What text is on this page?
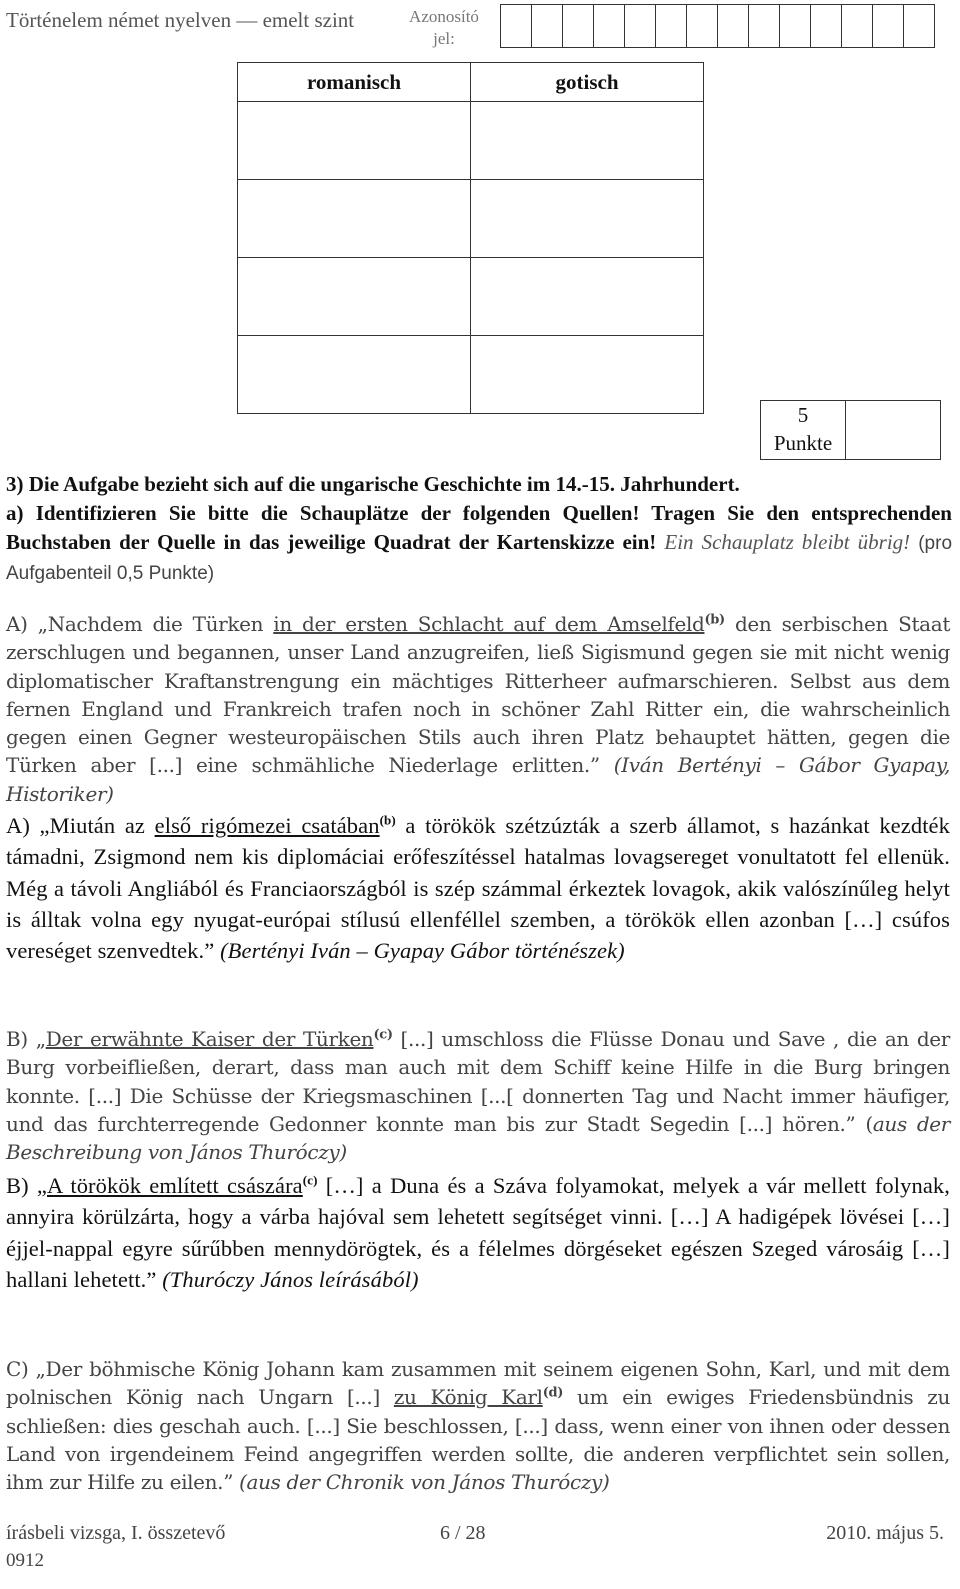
Történelem német nyelven — emelt szint	Azonosító jel:
romanisch	gotisch

5
Punkte
3) Die Aufgabe bezieht sich auf die ungarische Geschichte im 14.-15. Jahrhundert.
a) Identifizieren Sie bitte die Schauplätze der folgenden Quellen! Tragen Sie den entsprechenden Buchstaben der Quelle in das jeweilige Quadrat der Kartenskizze ein! Ein Schauplatz bleibt übrig! (pro Aufgabenteil 0,5 Punkte)
A) „Nachdem die Türken in der ersten Schlacht auf dem Amselfeld$^{(b)}$ den serbischen Staat zerschlugen und begannen, unser Land anzugreifen, ließ Sigismund gegen sie mit nicht wenig diplomatischer Kraftanstrengung ein mächtiges Ritterheer aufmarschieren. Selbst aus dem fernen England und Frankreich trafen noch in schöner Zahl Ritter ein, die wahrscheinlich gegen einen Gegner westeuropäischen Stils auch ihren Platz behauptet hätten, gegen die Türken aber [...] eine schmähliche Niederlage erlitten.” (Iván Bertényi – Gábor Gyapay, Historiker)
A) „Miután az első rigómezei csatában$^{(b)}$ a törökök szétzúzták a szerb államot, s hazánkat kezdték támadni, Zsigmond nem kis diplomáciai erőfeszítéssel hatalmas lovagsereget vonultatott fel ellenük. Még a távoli Angliából és Franciaországból is szép számmal érkeztek lovagok, akik valószínűleg helyt is álltak volna egy nyugat-európai stílusú ellenféllel szemben, a törökök ellen azonban […] csúfos vereséget szenvedtek.” (Bertényi Iván – Gyapay Gábor történészek)
B) „Der erwähnte Kaiser der Türken$^{(c)}$ [...] umschloss die Flüsse Donau und Save , die an der Burg vorbeifließen, derart, dass man auch mit dem Schiff keine Hilfe in die Burg bringen konnte. [...] Die Schüsse der Kriegsmaschinen [...[ donnerten Tag und Nacht immer häufiger, und das furchterregende Gedonner konnte man bis zur Stadt Segedin [...] hören.” (aus der Beschreibung von János Thuróczy)
B) „A törökök említett császára$^{(c)}$ […] a Duna és a Száva folyamokat, melyek a vár mellett folynak, annyira körülzárta, hogy a várba hajóval sem lehetett segítséget vinni. […] A hadigépek lövései […] éjjel-nappal egyre sűrűbben mennydörögtek, és a félelmes dörgéseket egészen Szeged városáig […] hallani lehetett.” (Thuróczy János leírásából)
C) „Der böhmische König Johann kam zusammen mit seinem eigenen Sohn, Karl, und mit dem polnischen König nach Ungarn [...] zu König Karl$^{(d)}$ um ein ewiges Friedensbündnis zu schließen: dies geschah auch. [...] Sie beschlossen, [...] dass, wenn einer von ihnen oder dessen Land von irgendeinem Feind angegriffen werden sollte, die anderen verpflichtet sein sollen, ihm zur Hilfe zu eilen.” (aus der Chronik von János Thuróczy)
írásbeli vizsga, I. összetevő	6 / 28	2010. május 5.
0912
